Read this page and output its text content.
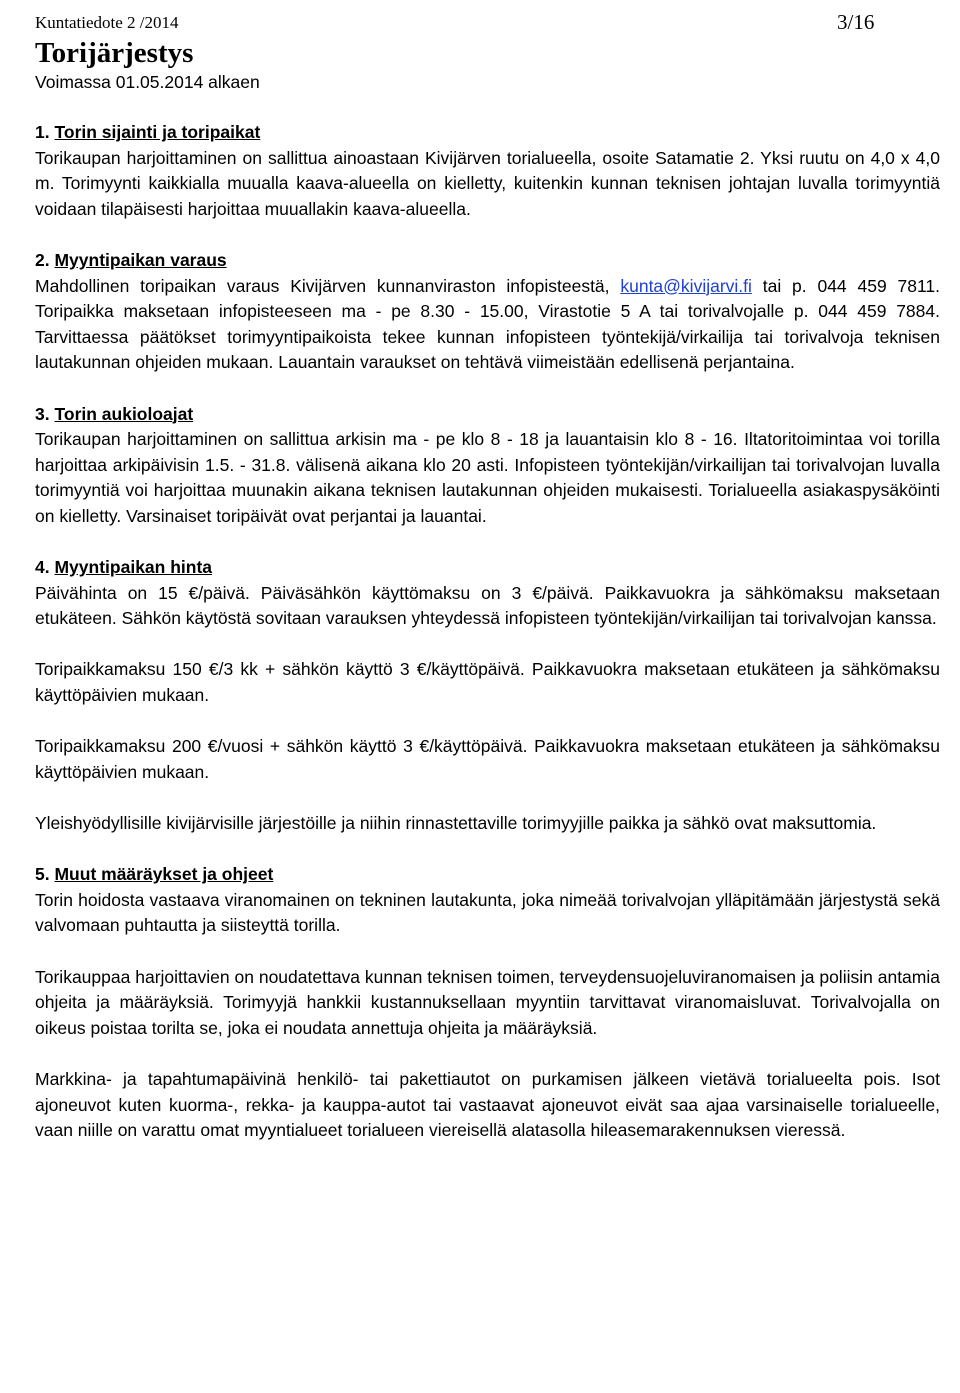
Kuntatiedote 2 /2014	3/16
Torijärjestys
Voimassa 01.05.2014 alkaen
1. Torin sijainti ja toripaikat

Torikaupan harjoittaminen on sallittua ainoastaan Kivijärven torialueella, osoite Satamatie 2. Yksi ruutu on 4,0 x 4,0 m. Torimyynti kaikkialla muualla kaava-alueella on kielletty, kuitenkin kunnan teknisen johtajan luvalla torimyyntiä voidaan tilapäisesti harjoittaa muuallakin kaava-alueella.

2. Myyntipaikan varaus

Mahdollinen toripaikan varaus Kivijärven kunnanviraston infopisteestä, kunta@kivijarvi.fi tai p. 044 459 7811. Toripaikka maksetaan infopisteeseen ma - pe 8.30 - 15.00, Virastotie 5 A tai torivalvojalle p. 044 459 7884. Tarvittaessa päätökset torimyyntipaikoista tekee kunnan infopisteen työntekijä/virkailija tai torivalvoja teknisen lautakunnan ohjeiden mukaan. Lauantain varaukset on tehtävä viimeistään edellisenä perjantaina.

3. Torin aukioloajat

Torikaupan harjoittaminen on sallittua arkisin ma - pe klo 8 - 18 ja lauantaisin klo 8 - 16. Iltatoritoimintaa voi torilla harjoittaa arkipäivisin 1.5. - 31.8. välisenä aikana klo 20 asti. Infopisteen työntekijän/virkailijan tai torivalvojan luvalla torimyyntiä voi harjoittaa muunakin aikana teknisen lautakunnan ohjeiden mukaisesti. Torialueella asiakaspysäköinti on kielletty. Varsinaiset toripäivät ovat perjantai ja lauantai.

4. Myyntipaikan hinta

Päivähinta on 15 €/päivä. Päiväsähkön käyttömaksu on 3 €/päivä. Paikkavuokra ja sähkömaksu maksetaan etukäteen. Sähkön käytöstä sovitaan varauksen yhteydessä infopisteen työntekijän/virkailijan tai torivalvojan kanssa.

Toripaikkamaksu 150 €/3 kk + sähkön käyttö 3 €/käyttöpäivä. Paikkavuokra maksetaan etukäteen ja sähkömaksu käyttöpäivien mukaan.

Toripaikkamaksu 200 €/vuosi + sähkön käyttö 3 €/käyttöpäivä. Paikkavuokra maksetaan etukäteen ja sähkömaksu käyttöpäivien mukaan.

Yleishyödyllisille kivijärvisille järjestöille ja niihin rinnastettaville torimyyjille paikka ja sähkö ovat maksuttomia.

5. Muut määräykset ja ohjeet

Torin hoidosta vastaava viranomainen on tekninen lautakunta, joka nimeää torivalvojan ylläpitämään järjestystä sekä valvomaan puhtautta ja siisteyttä torilla.

Torikauppaa harjoittavien on noudatettava kunnan teknisen toimen, terveydensuojeluviranomaisen ja poliisin antamia ohjeita ja määräyksiä. Torimyyjä hankkii kustannuksellaan myyntiin tarvittavat viranomaisluvat. Torivalvojalla on oikeus poistaa torilta se, joka ei noudata annettuja ohjeita ja määräyksiä.

Markkina- ja tapahtumapäivinä henkilö- tai pakettiautot on purkamisen jälkeen vietävä torialueelta pois. Isot ajoneuvot kuten kuorma-, rekka- ja kauppa-autot tai vastaavat ajoneuvot eivät saa ajaa varsinaiselle torialueelle, vaan niille on varattu omat myyntialueet torialueen viereisellä alatasolla hileasemarakennuksen vieressä.
